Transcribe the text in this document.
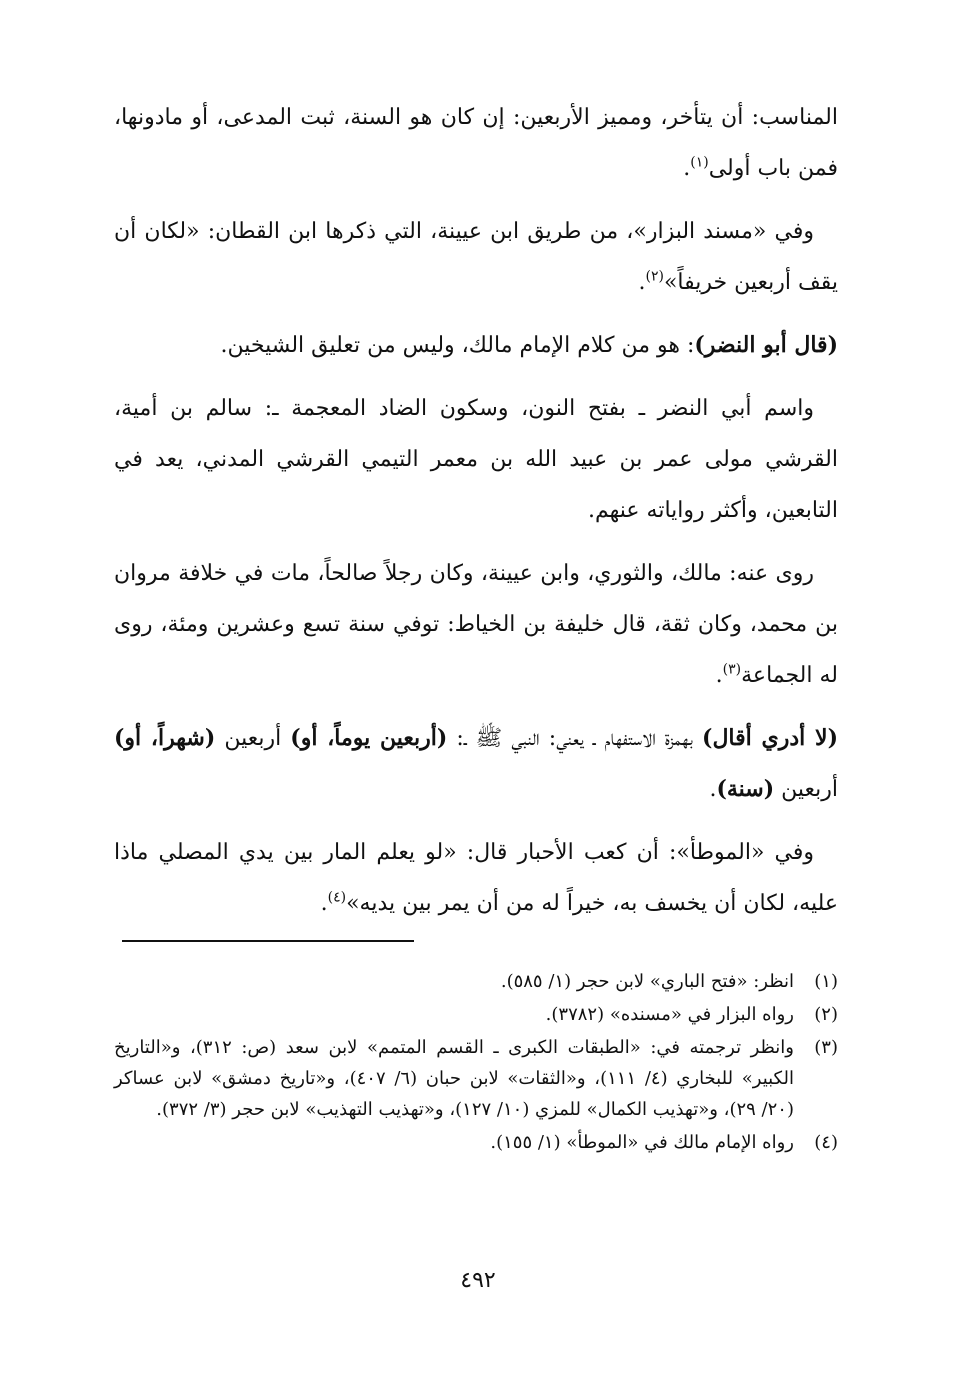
المناسب: أن يتأخر، ومميز الأربعين: إن كان هو السنة، ثبت المدعى، أو مادونها، فمن باب أولى$^{(١)}$.

وفي «مسند البزار»، من طريق ابن عيينة، التي ذكرها ابن القطان: «لكان أن يقف أربعين خريفاً»$^{(٢)}$.

(قال أبو النضر): هو من كلام الإمام مالك، وليس من تعليق الشيخين.

واسم أبي النضر ـ بفتح النون، وسكون الضاد المعجمة ـ: سالم بن أمية، القرشي مولى عمر بن عبيد الله بن معمر التيمي القرشي المدني، يعد في التابعين، وأكثر رواياته عنهم.

روى عنه: مالك، والثوري، وابن عيينة، وكان رجلاً صالحاً، مات في خلافة مروان بن محمد، وكان ثقة، قال خليفة بن الخياط: توفي سنة تسع وعشرين ومئة، روى له الجماعة$^{(٣)}$.

(لا أدري أقال) بهمزة الاستفهام ـ يعني: النبي ﷺ ـ: (أربعين يوماً، أو) أربعين (شهراً، أو) أربعين (سنة).

وفي «الموطأ»: أن كعب الأحبار قال: «لو يعلم المار بين يدي المصلي ماذا عليه، لكان أن يخسف به، خيراً له من أن يمر بين يديه»$^{(٤)}$.

(١)
انظر: «فتح الباري» لابن حجر (١/ ٥٨٥).
(٢)
رواه البزار في «مسنده» (٣٧٨٢).
(٣)
وانظر ترجمته في: «الطبقات الكبرى ـ القسم المتمم» لابن سعد (ص: ٣١٢)، و«التاريخ الكبير» للبخاري (٤/ ١١١)، و«الثقات» لابن حبان (٦/ ٤٠٧)، و«تاريخ دمشق» لابن عساكر (٢٠/ ٢٩)، و«تهذيب الكمال» للمزي (١٠/ ١٢٧)، و«تهذيب التهذيب» لابن حجر (٣/ ٣٧٢).
(٤)
رواه الإمام مالك في «الموطأ» (١/ ١٥٥).
٤٩٢
